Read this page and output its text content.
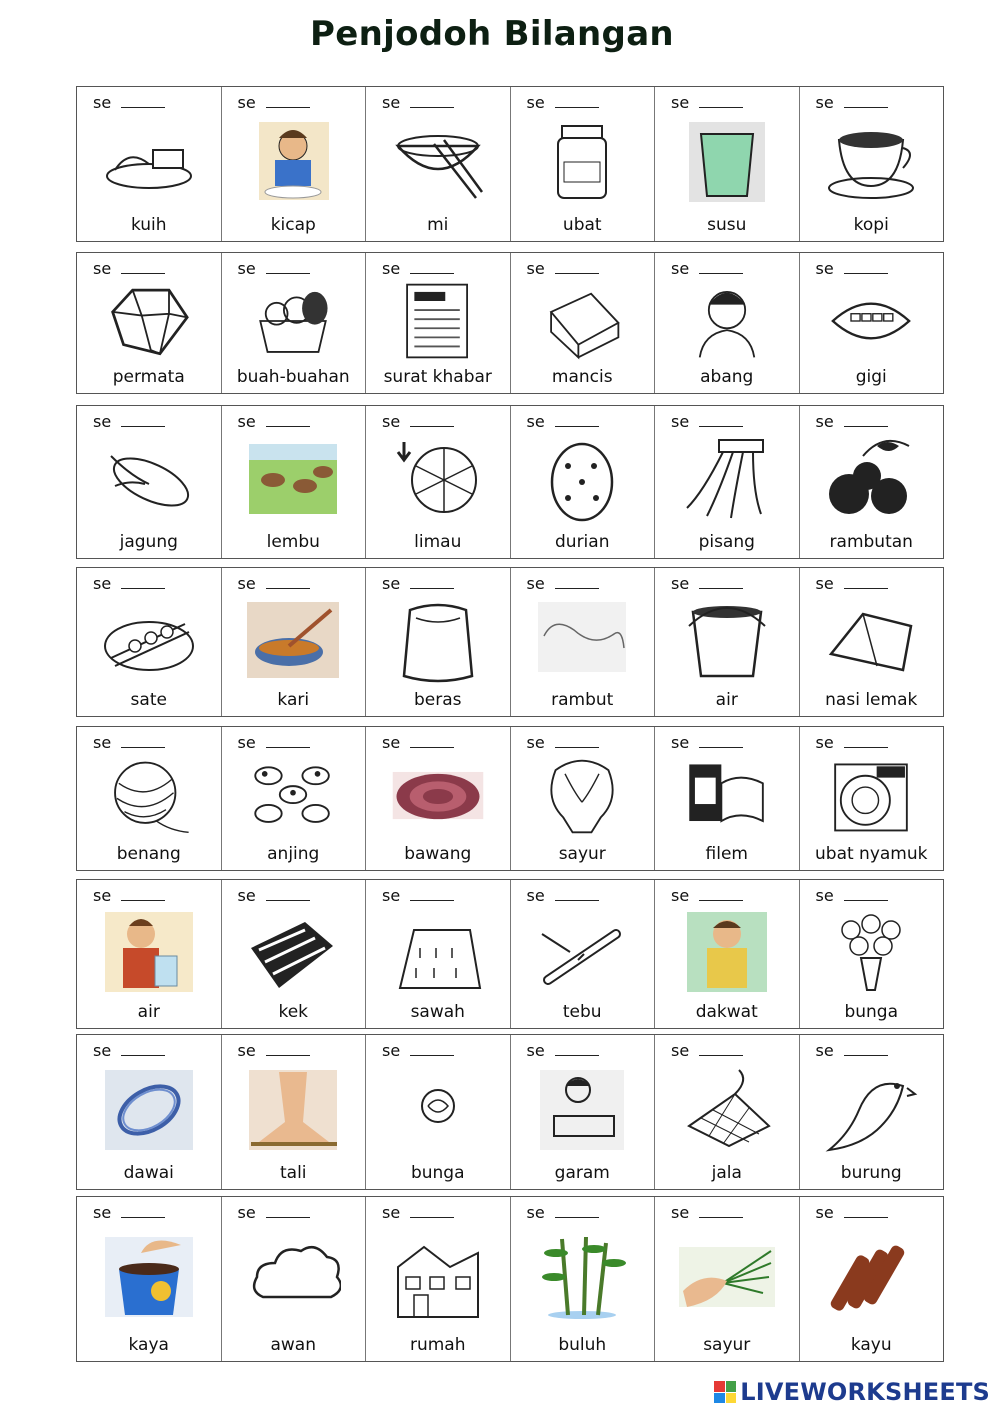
Penjodoh Bilangan
se
kuih
se
kicap
se
mi
se
ubat
se
susu
se
kopi
se
permata
se
buah-buahan
se
surat khabar
se
mancis
se
abang
se
gigi
se
jagung
se
lembu
se
limau
se
durian
se
pisang
se
rambutan
se
sate
se
kari
se
beras
se
rambut
se
air
se
nasi lemak
se
benang
se
anjing
se
bawang
se
sayur
se
filem
se
ubat nyamuk
se
air
se
kek
se
sawah
se
tebu
se
dakwat
se
bunga
se
dawai
se
tali
se
bunga
se
garam
se
jala
se
burung
se
kaya
se
awan
se
rumah
se
buluh
se
sayur
se
kayu
LIVEWORKSHEETS
